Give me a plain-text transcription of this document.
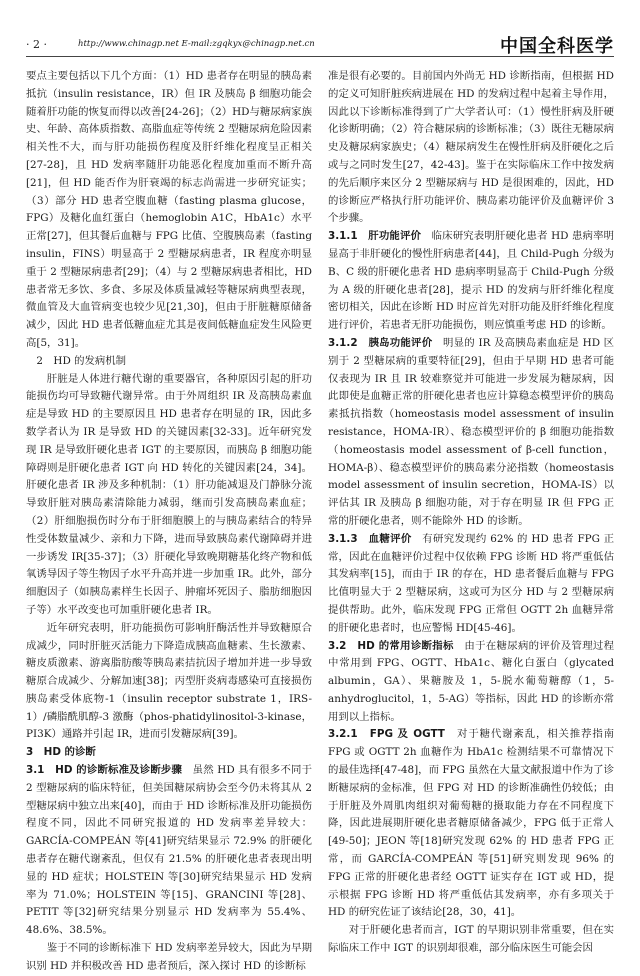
· 2 ·	http://www.chinagp.net E-mail:zgqkyx@chinagp.net.cn	中国全科医学

要点主要包括以下几个方面：（1）HD 患者存在明显的胰岛素抵抗（insulin resistance，IR）但 IR 及胰岛 β 细胞功能会随着肝功能的恢复而得以改善[24-26]；（2）HD与糖尿病家族史、年龄、高体质指数、高脂血症等传统 2 型糖尿病危险因素相关性不大，而与肝功能损伤程度及肝纤维化程度呈正相关[27-28]，且 HD 发病率随肝功能恶化程度加重而不断升高[21]，但 HD 能否作为肝衰竭的标志尚需进一步研究证实；（3）部分 HD 患者空腹血糖（fasting plasma glucose，FPG）及糖化血红蛋白（hemoglobin A1C，HbA1c）水平正常[27]，但其餐后血糖与 FPG 比值、空腹胰岛素（fasting insulin，FINS）明显高于 2 型糖尿病患者，IR 程度亦明显重于 2 型糖尿病患者[29]；（4）与 2 型糖尿病患者相比，HD 患者常无多饮、多食、多尿及体质量减轻等糖尿病典型表现，微血管及大血管病变也较少见[21,30]，但由于肝脏糖原储备减少，因此 HD 患者低糖血症尤其是夜间低糖血症发生风险更高[5，31]。

2　HD 的发病机制

肝脏是人体进行糖代谢的重要器官，各种原因引起的肝功能损伤均可导致糖代谢异常。由于外周组织 IR 及高胰岛素血症是导致 HD 的主要原因且 HD 患者存在明显的 IR，因此多数学者认为 IR 是导致 HD 的关键因素[32-33]。近年研究发现 IR 是导致肝硬化患者 IGT 的主要原因，而胰岛 β 细胞功能障碍则是肝硬化患者 IGT 向 HD 转化的关键因素[24，34]。肝硬化患者 IR 涉及多种机制：（1）肝功能减退及门静脉分流导致肝脏对胰岛素清除能力减弱，继而引发高胰岛素血症；（2）肝细胞损伤时分布于肝细胞膜上的与胰岛素结合的特异性受体数量减少、亲和力下降，进而导致胰岛素代谢障碍并进一步诱发 IR[35-37]；（3）肝硬化导致晚期糖基化终产物和低氧诱导因子等生物因子水平升高并进一步加重 IR。此外，部分细胞因子（如胰岛素样生长因子、肿瘤坏死因子、脂肪细胞因子等）水平改变也可加重肝硬化患者 IR。

近年研究表明，肝功能损伤可影响肝酶活性并导致糖原合成减少，同时肝脏灭活能力下降造成胰高血糖素、生长激素、糖皮质激素、游离脂肪酸等胰岛素拮抗因子增加并进一步导致糖原合成减少、分解加速[38]；丙型肝炎病毒感染可直接损伤胰岛素受体底物-1（insulin receptor substrate 1，IRS-1）/磷脂酰肌醇-3 激酶（phos-phatidylinositol-3-kinase，PI3K）通路并引起 IR，进而引发糖尿病[39]。

3　HD 的诊断

3.1　HD 的诊断标准及诊断步骤　 虽然 HD 具有很多不同于 2 型糖尿病的临床特征，但美国糖尿病协会至今仍未将其从 2 型糖尿病中独立出来[40]，而由于 HD 诊断标准及肝功能损伤程度不同，因此不同研究报道的 HD 发病率差异较大：GARCÍA-COMPEÁN 等[41]研究结果显示 72.9% 的肝硬化患者存在糖代谢紊乱，但仅有 21.5% 的肝硬化患者表现出明显的 HD 症状；HOLSTEIN 等[30]研究结果显示 HD 发病率为 71.0%；HOLSTEIN 等[15]、GRANCINI 等[28]、PETIT 等[32]研究结果分别显示 HD 发病率为 55.4%、48.6%、38.5%。

鉴于不同的诊断标准下 HD 发病率差异较大，因此为早期识别 HD 并积极改善 HD 患者预后，深入探讨 HD 的诊断标

准是很有必要的。目前国内外尚无 HD 诊断指南，但根据 HD 的定义可知肝脏疾病进展在 HD 的发病过程中起着主导作用，因此以下诊断标准得到了广大学者认可：（1）慢性肝病及肝硬化诊断明确；（2）符合糖尿病的诊断标准；（3）既往无糖尿病史及糖尿病家族史；（4）糖尿病发生在慢性肝病及肝硬化之后或与之同时发生[27，42-43]。鉴于在实际临床工作中按发病的先后顺序来区分 2 型糖尿病与 HD 是很困难的，因此，HD 的诊断应严格执行肝功能评价、胰岛素功能评价及血糖评价 3 个步骤。

3.1.1　肝功能评价　 临床研究表明肝硬化患者 HD 患病率明显高于非肝硬化的慢性肝病患者[44]，且 Child-Pugh 分级为 B、C 级的肝硬化患者 HD 患病率明显高于 Child-Pugh 分级为 A 级的肝硬化患者[28]，提示 HD 的发病与肝纤维化程度密切相关，因此在诊断 HD 时应首先对肝功能及肝纤维化程度进行评价，若患者无肝功能损伤，则应慎重考虑 HD 的诊断。

3.1.2　胰岛功能评价　 明显的 IR 及高胰岛素血症是 HD 区别于 2 型糖尿病的重要特征[29]，但由于早期 HD 患者可能仅表现为 IR 且 IR 较难察觉并可能进一步发展为糖尿病，因此即使是血糖正常的肝硬化患者也应计算稳态模型评价的胰岛素抵抗指数（homeostasis model assessment of insulin resistance，HOMA-IR）、稳态模型评价的 β 细胞功能指数（homeostasis model assessment of β-cell function，HOMA-β）、稳态模型评价的胰岛素分泌指数（homeostasis model assessment of insulin secretion，HOMA-IS）以评估其 IR 及胰岛 β 细胞功能，对于存在明显 IR 但 FPG 正常的肝硬化患者，则不能除外 HD 的诊断。

3.1.3　血糖评价　 有研究发现约 62% 的 HD 患者 FPG 正常，因此在血糖评价过程中仅依赖 FPG 诊断 HD 将严重低估其发病率[15]，而由于 IR 的存在，HD 患者餐后血糖与 FPG 比值明显大于 2 型糖尿病，这或可为区分 HD 与 2 型糖尿病提供帮助。此外，临床发现 FPG 正常但 OGTT 2h 血糖异常的肝硬化患者时，也应警惕 HD[45-46]。

3.2　HD 的常用诊断指标　 由于在糖尿病的评价及管理过程中常用到 FPG、OGTT、HbA1c、糖化白蛋白（glycated albumin，GA）、果糖胺及 1，5-脱水葡萄糖醇（1，5-anhydroglucitol，1，5-AG）等指标，因此 HD 的诊断亦常用到以上指标。

3.2.1　FPG 及 OGTT　 对于糖代谢紊乱，相关推荐指南 FPG 或 OGTT 2h 血糖作为 HbA1c 检测结果不可靠情况下的最佳选择[47-48]，而 FPG 虽然在大量文献报道中作为了诊断糖尿病的金标准，但 FPG 对 HD 的诊断准确性仍较低；由于肝脏及外周肌肉组织对葡萄糖的摄取能力存在不同程度下降，因此进展期肝硬化患者糖原储备减少，FPG 低于正常人[49-50]；JEON 等[18]研究发现 62% 的 HD 患者 FPG 正常，而 GARCÍA-COMPEÁN 等[51]研究则发现 96% 的 FPG 正常的肝硬化患者经 OGTT 证实存在 IGT 或 HD，提示根据 FPG 诊断 HD 将严重低估其发病率，亦有多项关于 HD 的研究佐证了该结论[28，30，41]。

对于肝硬化患者而言，IGT 的早期识别非常重要，但在实际临床工作中 IGT 的识别却很难，部分临床医生可能会因
